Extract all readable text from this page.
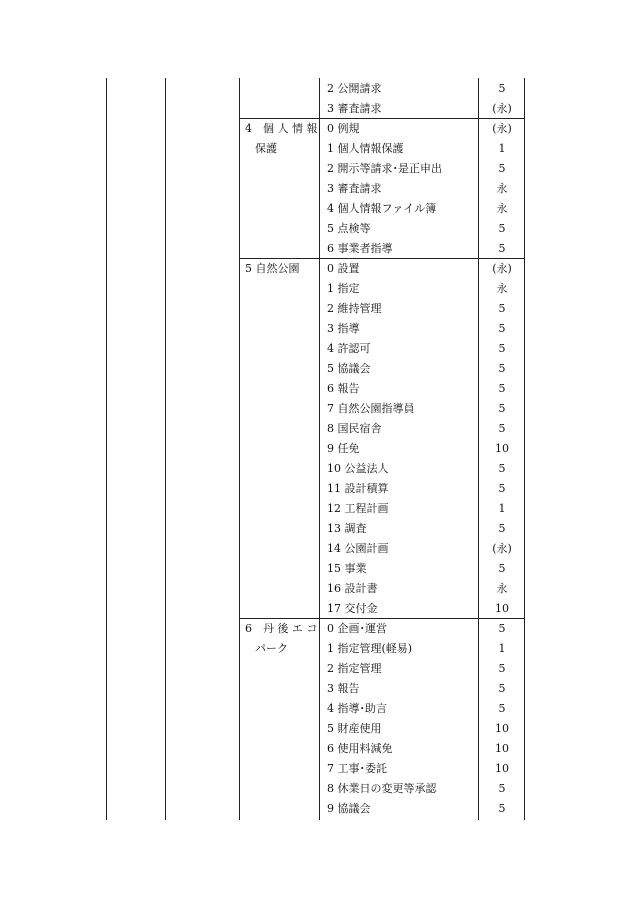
2 公開請求	5
3 審査請求	(永)
4　個 人 情 報
保護
0 例規	(永)
1 個人情報保護	1
2 開示等請求･是正申出	5
3 審査請求	永
4 個人情報ファイル簿	永
5 点検等	5
6 事業者指導	5
5 自然公園	0 設置	(永)
1 指定	永
2 維持管理	5
3 指導	5
4 許認可	5
5 協議会	5
6 報告	5
7 自然公園指導員	5
8 国民宿舎	5
9 任免	10
10 公益法人	5
11 設計積算	5
12 工程計画	1
13 調査	5
14 公園計画	(永)
15 事業	5
16 設計書	永
17 交付金	10
6　丹 後 エ コ
パーク
0 企画･運営	5
1 指定管理(軽易)	1
2 指定管理	5
3 報告	5
4 指導･助言	5
5 財産使用	10
6 使用料減免	10
7 工事･委託	10
8 休業日の変更等承認	5
9 協議会	5
